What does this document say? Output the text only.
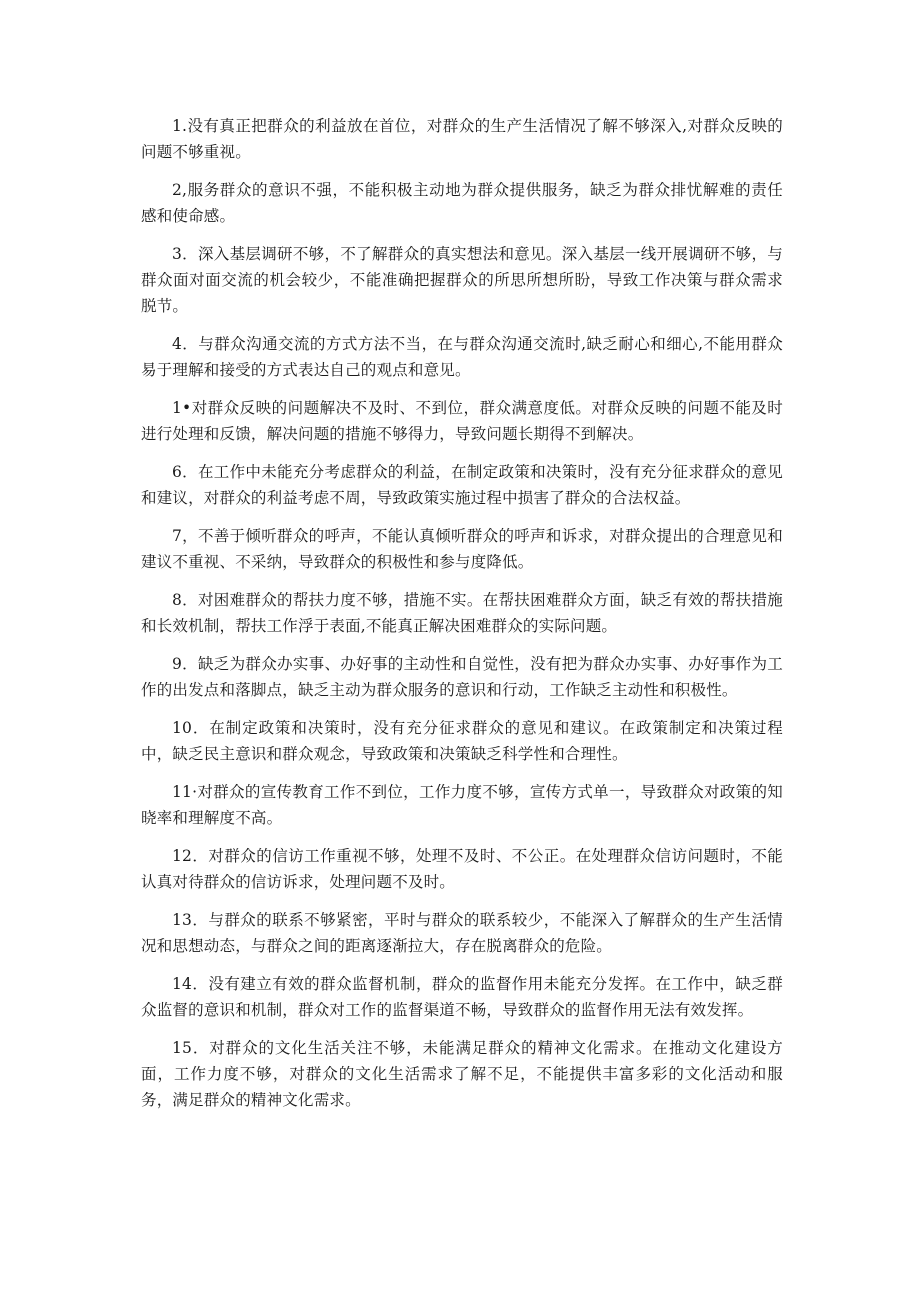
1.没有真正把群众的利益放在首位，对群众的生产生活情况了解不够深入,对群众反映的问题不够重视。

2,服务群众的意识不强，不能积极主动地为群众提供服务，缺乏为群众排忧解难的责任感和使命感。

3．深入基层调研不够，不了解群众的真实想法和意见。深入基层一线开展调研不够，与群众面对面交流的机会较少，不能准确把握群众的所思所想所盼，导致工作决策与群众需求脱节。

4．与群众沟通交流的方式方法不当，在与群众沟通交流时,缺乏耐心和细心,不能用群众易于理解和接受的方式表达自己的观点和意见。

1•对群众反映的问题解决不及时、不到位，群众满意度低。对群众反映的问题不能及时进行处理和反馈，解决问题的措施不够得力，导致问题长期得不到解决。

6．在工作中未能充分考虑群众的利益，在制定政策和决策时，没有充分征求群众的意见和建议，对群众的利益考虑不周，导致政策实施过程中损害了群众的合法权益。

7，不善于倾听群众的呼声，不能认真倾听群众的呼声和诉求，对群众提出的合理意见和建议不重视、不采纳，导致群众的积极性和参与度降低。

8．对困难群众的帮扶力度不够，措施不实。在帮扶困难群众方面，缺乏有效的帮扶措施和长效机制，帮扶工作浮于表面,不能真正解决困难群众的实际问题。

9．缺乏为群众办实事、办好事的主动性和自觉性，没有把为群众办实事、办好事作为工作的出发点和落脚点，缺乏主动为群众服务的意识和行动，工作缺乏主动性和积极性。

10．在制定政策和决策时，没有充分征求群众的意见和建议。在政策制定和决策过程中，缺乏民主意识和群众观念，导致政策和决策缺乏科学性和合理性。

11·对群众的宣传教育工作不到位，工作力度不够，宣传方式单一，导致群众对政策的知晓率和理解度不高。

12．对群众的信访工作重视不够，处理不及时、不公正。在处理群众信访问题时，不能认真对待群众的信访诉求，处理问题不及时。

13．与群众的联系不够紧密，平时与群众的联系较少，不能深入了解群众的生产生活情况和思想动态，与群众之间的距离逐渐拉大，存在脱离群众的危险。

14．没有建立有效的群众监督机制，群众的监督作用未能充分发挥。在工作中，缺乏群众监督的意识和机制，群众对工作的监督渠道不畅，导致群众的监督作用无法有效发挥。

15．对群众的文化生活关注不够，未能满足群众的精神文化需求。在推动文化建设方面，工作力度不够，对群众的文化生活需求了解不足，不能提供丰富多彩的文化活动和服务，满足群众的精神文化需求。
